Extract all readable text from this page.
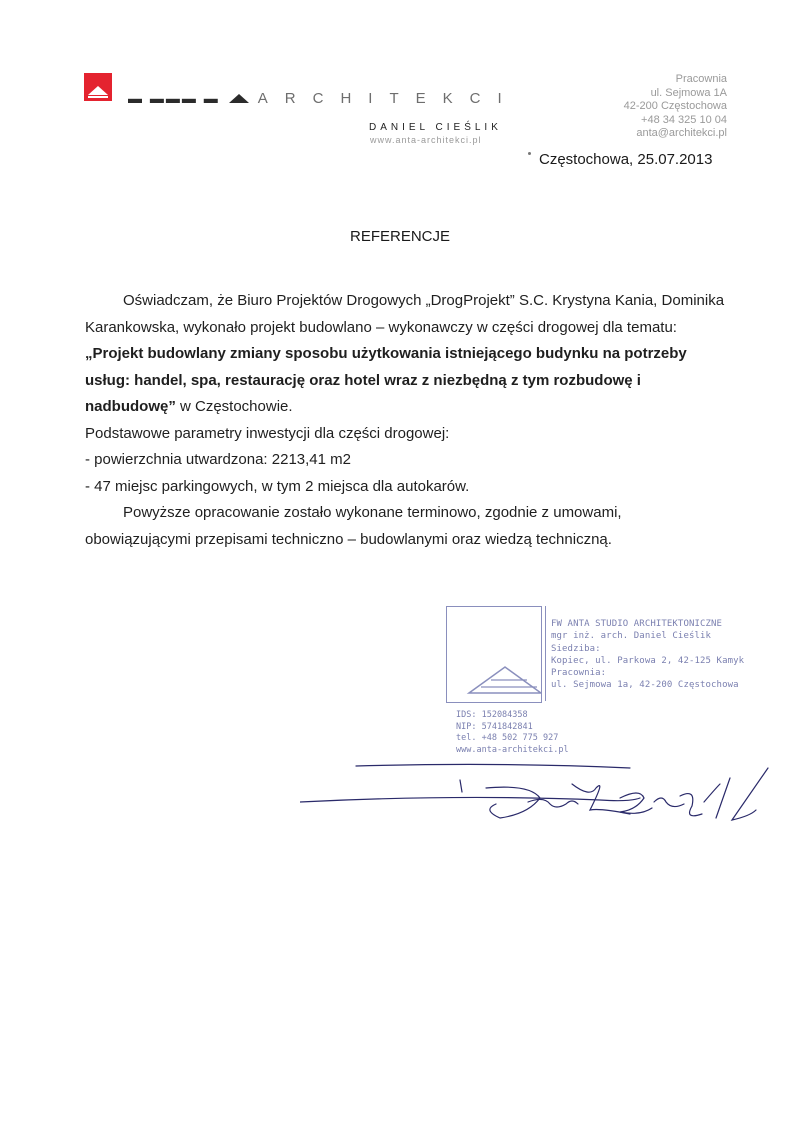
▬ ▬▬▬ ▬	ARCHITEKCI
DANIEL CIEŚLIK
www.anta-architekci.pl
Pracownia
ul. Sejmowa 1A
42-200 Częstochowa
+48 34 325 10 04
anta@architekci.pl
Częstochowa, 25.07.2013
REFERENCJE

Oświadczam, że Biuro Projektów Drogowych „DrogProjekt” S.C. Krystyna Kania, Dominika Karankowska, wykonało projekt budowlano – wykonawczy w części drogowej dla tematu: „Projekt budowlany zmiany sposobu użytkowania istniejącego budynku na potrzeby usług: handel, spa, restaurację oraz hotel wraz z niezbędną z tym rozbudowę i nadbudowę” w Częstochowie.

Podstawowe parametry inwestycji dla części drogowej:

- powierzchnia utwardzona: 2213,41 m2

- 47 miejsc parkingowych, w tym 2 miejsca dla autokarów.

Powyższe opracowanie zostało wykonane terminowo, zgodnie z umowami, obowiązującymi przepisami techniczno – budowlanymi oraz wiedzą techniczną.

FW ANTA STUDIO ARCHITEKTONICZNE
mgr inż. arch. Daniel Cieślik
Siedziba:
Kopiec, ul. Parkowa 2, 42-125 Kamyk
Pracownia:
ul. Sejmowa 1a, 42-200 Częstochowa
IDS: 152084358
NIP: 5741842841
tel. +48 502 775 927
www.anta-architekci.pl
